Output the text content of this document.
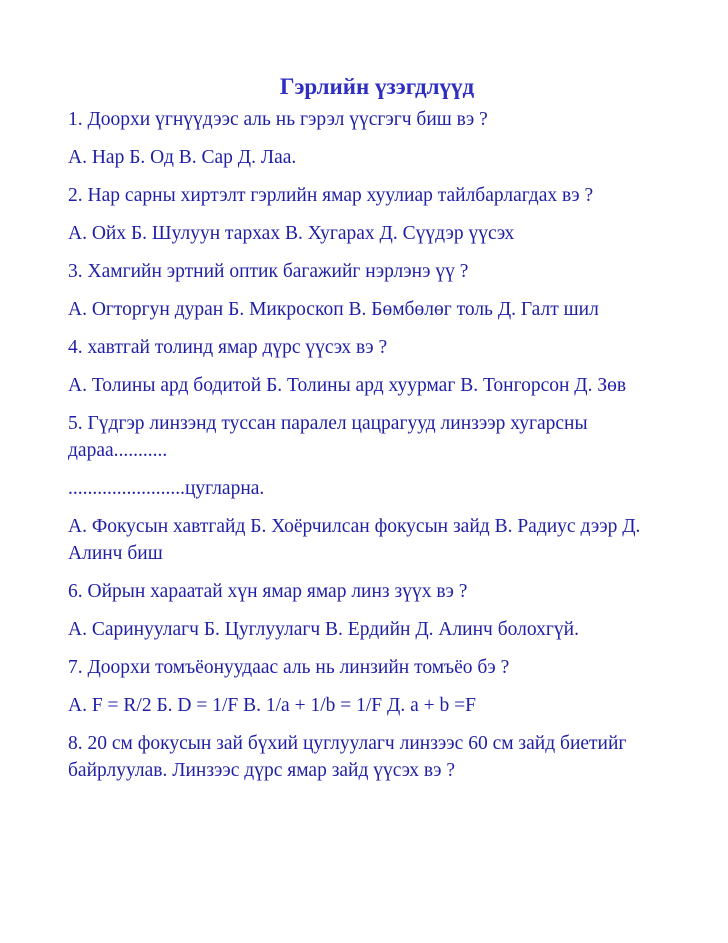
Гэрлийн үзэгдлүүд

1. Доорхи үгнүүдээс аль нь гэрэл үүсгэгч биш вэ ?

А. Нар Б. Од В. Сар Д. Лаа.

2. Нар сарны хиртэлт гэрлийн ямар хуулиар тайлбарлагдах вэ ?

А. Ойх Б. Шулуун тархах В. Хугарах Д. Сүүдэр үүсэх

3. Хамгийн эртний оптик багажийг нэрлэнэ үү ?

А. Огторгун дуран Б. Микроскоп В. Бөмбөлөг толь Д. Галт шил

4. хавтгай толинд ямар дүрс үүсэх вэ ?

А. Толины ард бодитой Б. Толины ард хуурмаг В. Тонгорсон Д. Зөв

5. Гүдгэр линзэнд туссан паралел цацрагууд линзээр хугарсны дараа...........

........................цугларна.

А. Фокусын хавтгайд Б. Хоёрчилсан фокусын зайд В. Радиус дээр Д. Алинч биш

6. Ойрын хараатай хүн ямар ямар линз зүүх вэ ?

А. Саринуулагч Б. Цуглуулагч В. Ердийн Д. Алинч болохгүй.

7. Доорхи томъёонуудаас аль нь линзийн томъёо бэ ?

А. F = R/2 Б. D = 1/F В. 1/a + 1/b = 1/F Д. a + b =F

8. 20 см фокусын зай бүхий цуглуулагч линзээс 60 см зайд биетийг байрлуулав. Линзээс дүрс ямар зайд үүсэх вэ ?
